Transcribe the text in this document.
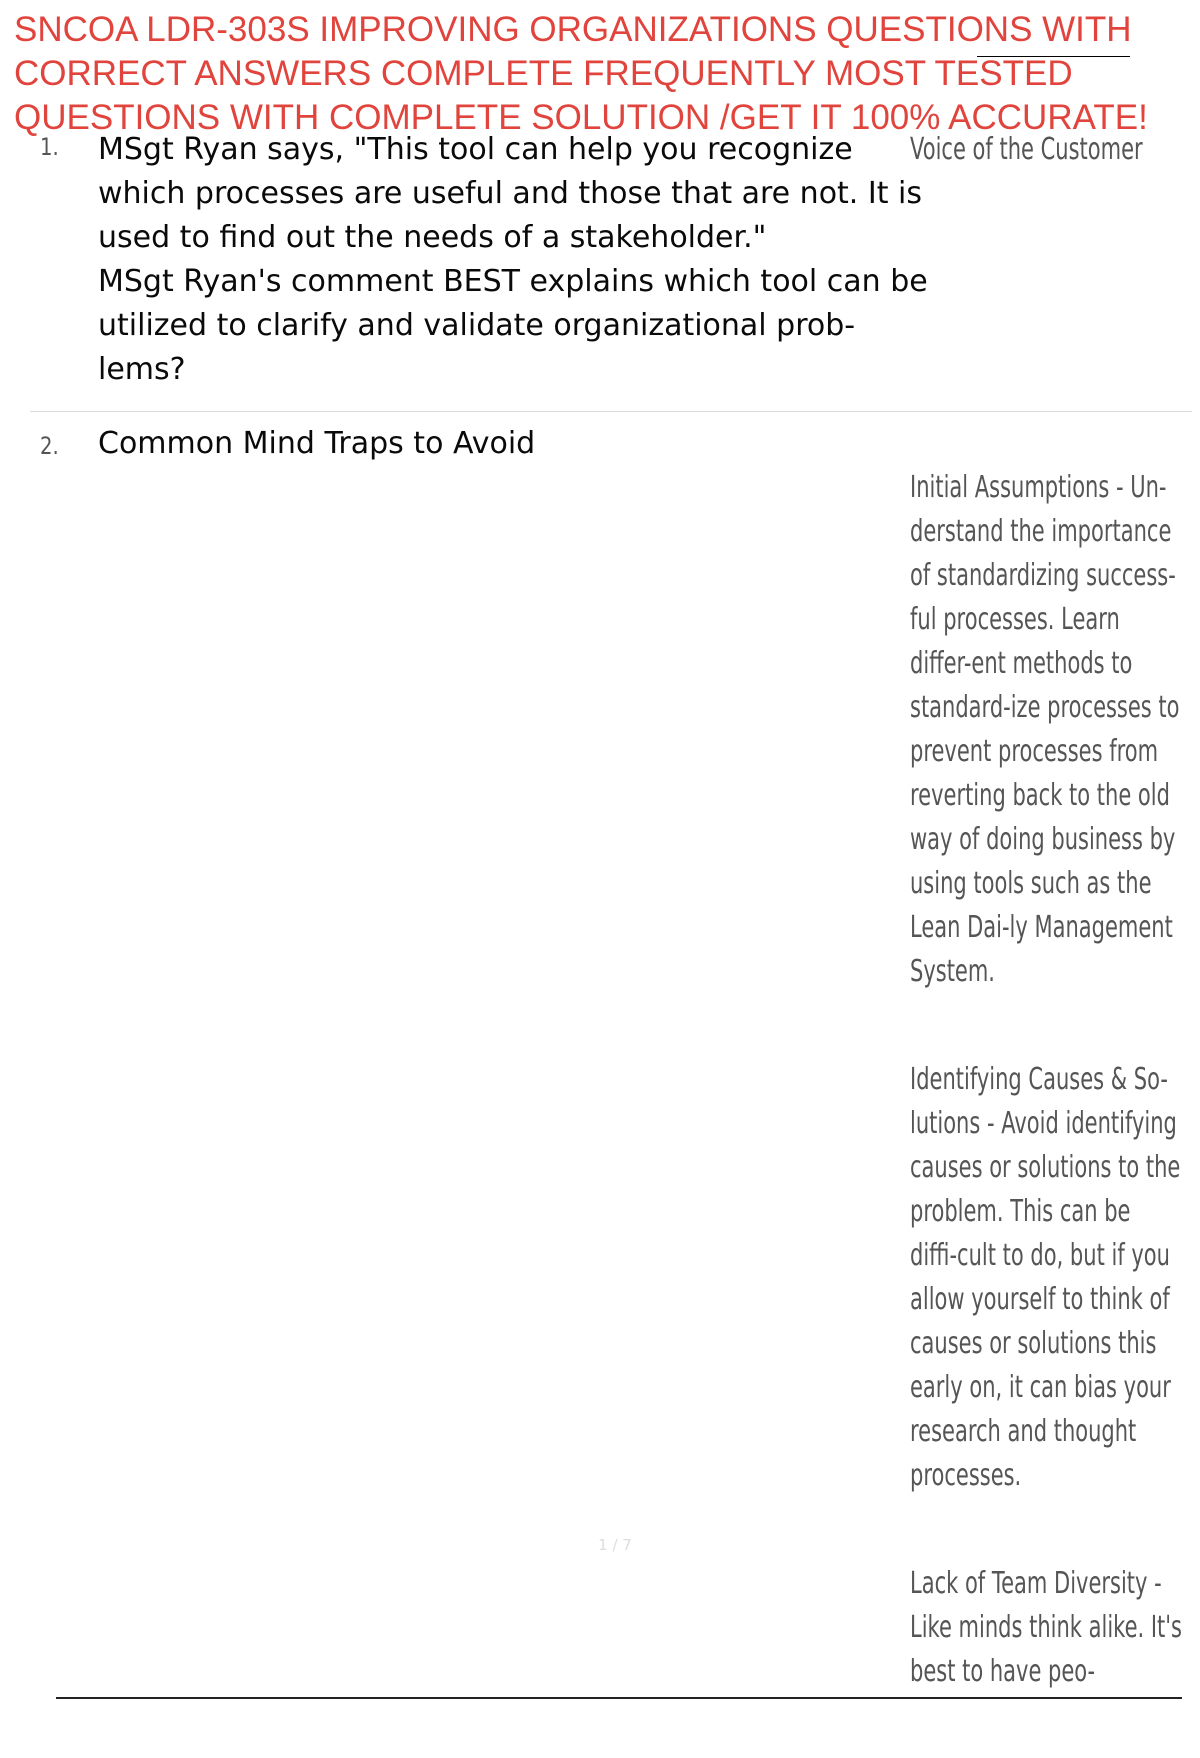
SNCOA LDR-303S IMPROVING ORGANIZATIONS QUESTIONS WITH CORRECT ANSWERS COMPLETE FREQUENTLY MOST TESTED QUESTIONS WITH COMPLETE SOLUTION /GET IT 100% ACCURATE!
1. MSgt Ryan says, "This tool can help you recognize which processes are useful and those that are not. It is used to find out the needs of a stakeholder."
MSgt Ryan's comment BEST explains which tool can be utilized to clarify and validate organizational prob-lems?

Voice of the Customer

2. Common Mind Traps to Avoid

Initial Assumptions - Un-derstand the importance of standardizing success-ful processes. Learn differ-ent methods to standard-ize processes to prevent processes from reverting back to the old way of doing business by using tools such as the Lean Dai-ly Management System.

Identifying Causes & So-lutions - Avoid identifying causes or solutions to the problem. This can be diffi-cult to do, but if you allow yourself to think of causes or solutions this early on, it can bias your research and thought processes.

Lack of Team Diversity - Like minds think alike. It's best to have peo-

1 / 7
